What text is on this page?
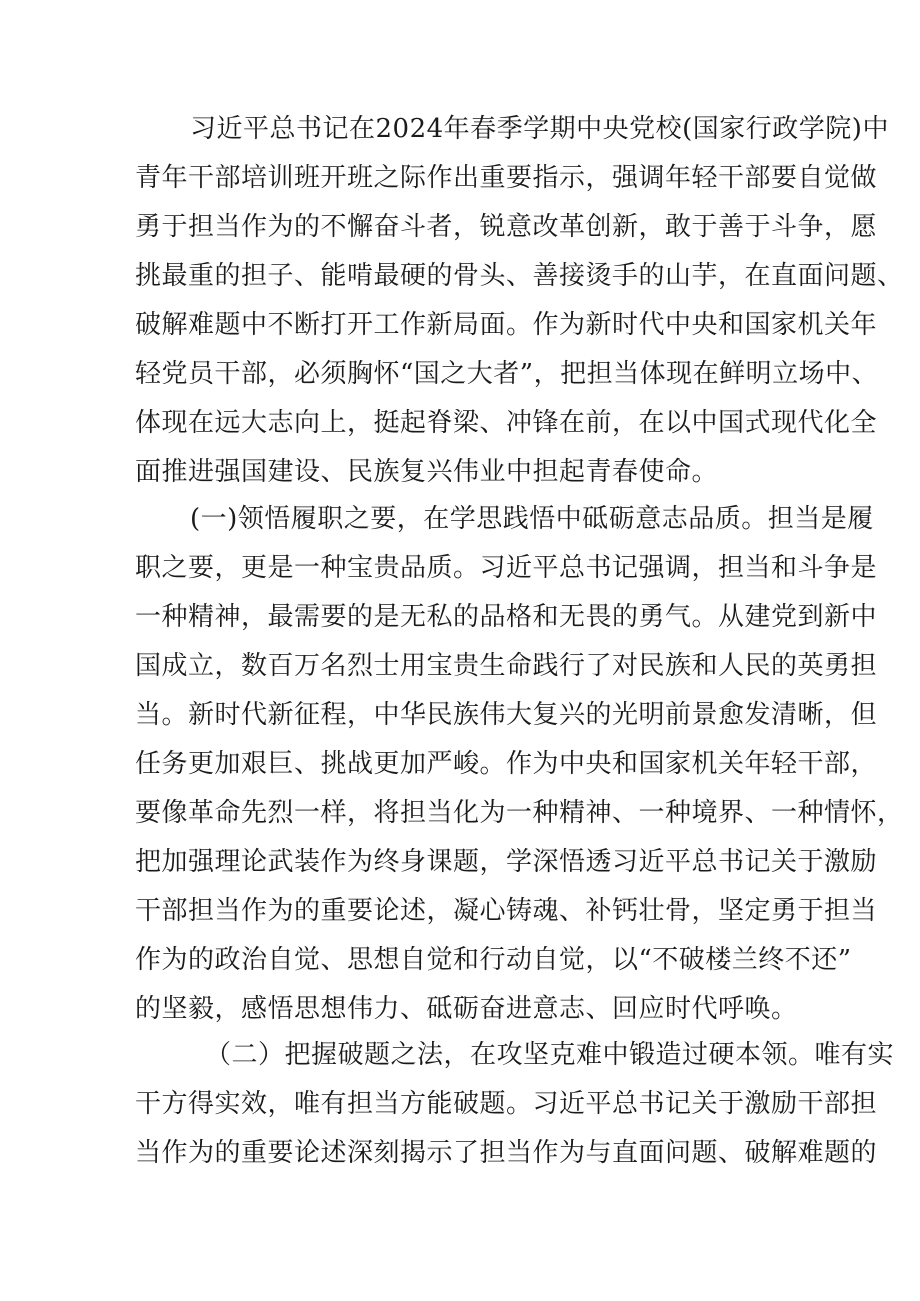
习近平总书记在2024年春季学期中央党校(国家行政学院)中
青年干部培训班开班之际作出重要指示，强调年轻干部要自觉做
勇于担当作为的不懈奋斗者，锐意改革创新，敢于善于斗争，愿
挑最重的担子、能啃最硬的骨头、善接烫手的山芋，在直面问题、
破解难题中不断打开工作新局面。作为新时代中央和国家机关年
轻党员干部，必须胸怀“国之大者”，把担当体现在鲜明立场中、
体现在远大志向上，挺起脊梁、冲锋在前，在以中国式现代化全
面推进强国建设、民族复兴伟业中担起青春使命。
(一)领悟履职之要，在学思践悟中砥砺意志品质。担当是履
职之要，更是一种宝贵品质。习近平总书记强调，担当和斗争是
一种精神，最需要的是无私的品格和无畏的勇气。从建党到新中
国成立，数百万名烈士用宝贵生命践行了对民族和人民的英勇担
当。新时代新征程，中华民族伟大复兴的光明前景愈发清晰，但
任务更加艰巨、挑战更加严峻。作为中央和国家机关年轻干部，
要像革命先烈一样，将担当化为一种精神、一种境界、一种情怀，
把加强理论武装作为终身课题，学深悟透习近平总书记关于激励
干部担当作为的重要论述，凝心铸魂、补钙壮骨，坚定勇于担当
作为的政治自觉、思想自觉和行动自觉，以“不破楼兰终不还”
的坚毅，感悟思想伟力、砥砺奋进意志、回应时代呼唤。
（二）把握破题之法，在攻坚克难中锻造过硬本领。唯有实
干方得实效，唯有担当方能破题。习近平总书记关于激励干部担
当作为的重要论述深刻揭示了担当作为与直面问题、破解难题的
